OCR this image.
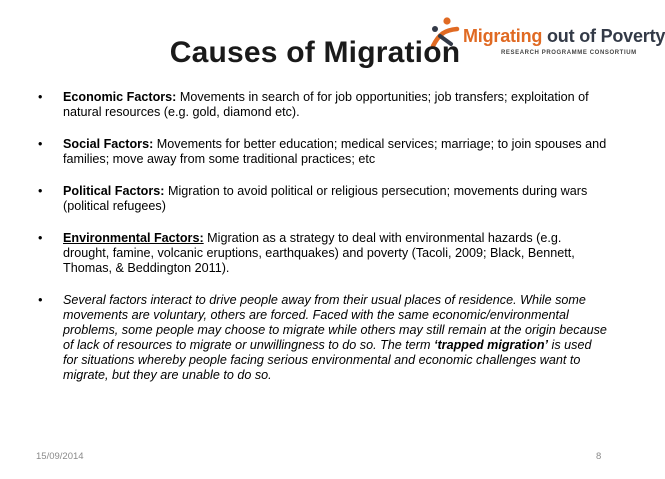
Migrating out of Poverty
RESEARCH PROGRAMME CONSORTIUM
Causes of Migration
• Economic Factors: Movements in search of for job opportunities; job transfers; exploitation of natural resources (e.g. gold, diamond etc).
• Social Factors: Movements for better education; medical services; marriage; to join spouses and families; move away from some traditional practices; etc
• Political Factors: Migration to avoid political or religious persecution; movements during wars (political refugees)
• Environmental Factors: Migration as a strategy to deal with environmental hazards (e.g. drought, famine, volcanic eruptions, earthquakes) and poverty (Tacoli, 2009; Black, Bennett, Thomas, & Beddington 2011).
• Several factors interact to drive people away from their usual places of residence. While some movements are voluntary, others are forced. Faced with the same economic/environmental problems, some people may choose to migrate while others may still remain at the origin because of lack of resources to migrate or unwillingness to do so. The term ‘trapped migration’ is used for situations whereby people facing serious environmental and economic challenges want to migrate, but they are unable to do so.
15/09/2014	8
